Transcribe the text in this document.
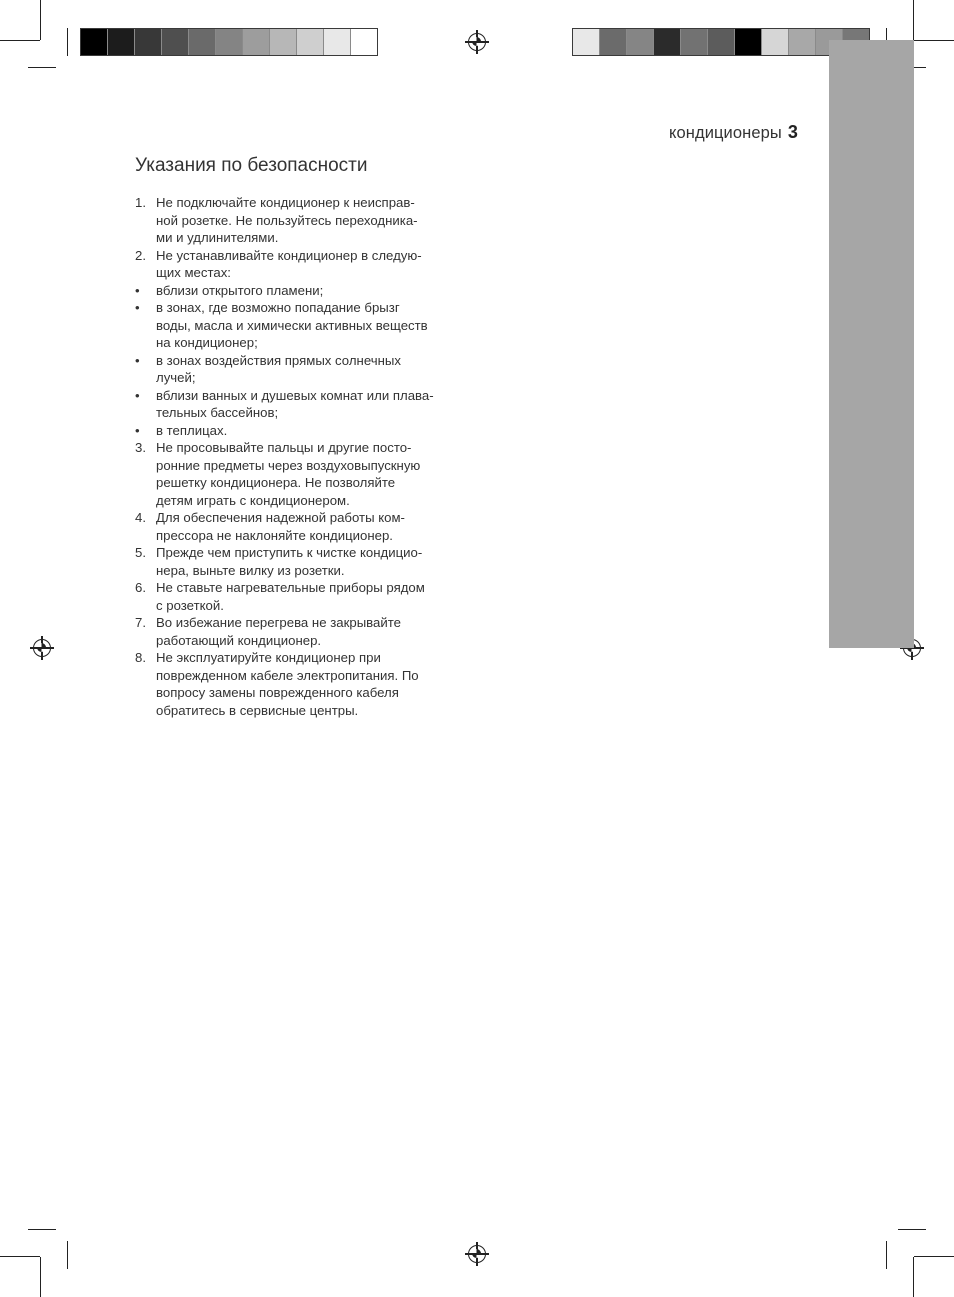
кондиционеры 3
Указания по безопасности
1. Не подключайте кондиционер к неисправ-
ной розетке. Не пользуйтесь переходника-
ми и удлинителями.
2. Не устанавливайте кондиционер в следую-
щих местах:
•	вблизи открытого пламени;
•	в зонах, где возможно попадание брызг
воды, масла и химически активных веществ
на кондиционер;
•	в зонах воздействия прямых солнечных
лучей;
•	вблизи ванных и душевых комнат или плава-
тельных бассейнов;
•	в теплицах.
3. Не просовывайте пальцы и другие посто-
ронние предметы через воздуховыпускную
решетку кондиционера. Не позволяйте
детям играть с кондиционером.
4. Для обеспечения надежной работы ком-
прессора не наклоняйте кондиционер.
5. Прежде чем приступить к чистке кондицио-
нера, выньте вилку из розетки.
6. Не ставьте нагревательные приборы рядом
с розеткой.
7. Во избежание перегрева не закрывайте
работающий кондиционер.
8. Не эксплуатируйте кондиционер при
поврежденном кабеле электропитания. По
вопросу замены поврежденного кабеля
обратитесь в сервисные центры.
